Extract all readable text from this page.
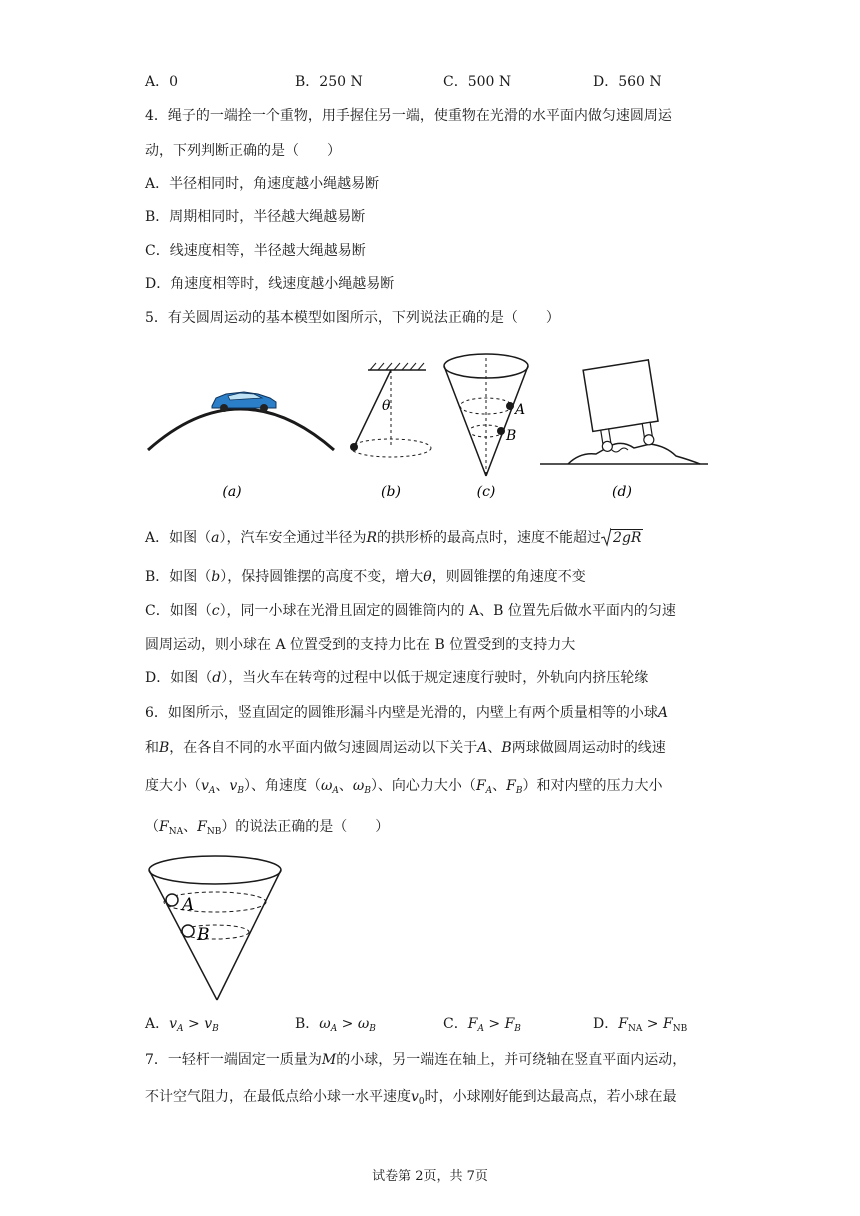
A．0	B．250 N	C．500 N	D．560 N
4．绳子的一端拴一个重物，用手握住另一端，使重物在光滑的水平面内做匀速圆周运
动，下列判断正确的是（　　）
A．半径相同时，角速度越小绳越易断
B．周期相同时，半径越大绳越易断
C．线速度相等，半径越大绳越易断
D．角速度相等时，线速度越小绳越易断
5．有关圆周运动的基本模型如图所示，下列说法正确的是（　　）
(a)
θ
(b)
A
B
(c)	(d)
A．如图（a），汽车安全通过半径为R的拱形桥的最高点时，速度不能超过 2gR
B．如图（b），保持圆锥摆的高度不变，增大θ，则圆锥摆的角速度不变
C．如图（c），同一小球在光滑且固定的圆锥筒内的 A、B 位置先后做水平面内的匀速
圆周运动，则小球在 A 位置受到的支持力比在 B 位置受到的支持力大
D．如图（d），当火车在转弯的过程中以低于规定速度行驶时，外轨向内挤压轮缘
6．如图所示，竖直固定的圆锥形漏斗内壁是光滑的，内壁上有两个质量相等的小球A
和B，在各自不同的水平面内做匀速圆周运动以下关于A、B两球做圆周运动时的线速
度大小（$v_A$、$v_B$）、角速度（$\omega_A$、$\omega_B$）、向心力大小（$F_A$、$F_B$）和对内壁的压力大小
（$F_{NA}$、$F_{NB}$）的说法正确的是（　　）
A
B
A．$v_A > v_B$	B．$\omega_A > \omega_B$	C．$F_A > F_B$	D．$F_{NA} > F_{NB}$
7．一轻杆一端固定一质量为M的小球，另一端连在轴上，并可绕轴在竖直平面内运动，
不计空气阻力，在最低点给小球一水平速度$v_0$时，小球刚好能到达最高点，若小球在最
试卷第 2页，共 7页
